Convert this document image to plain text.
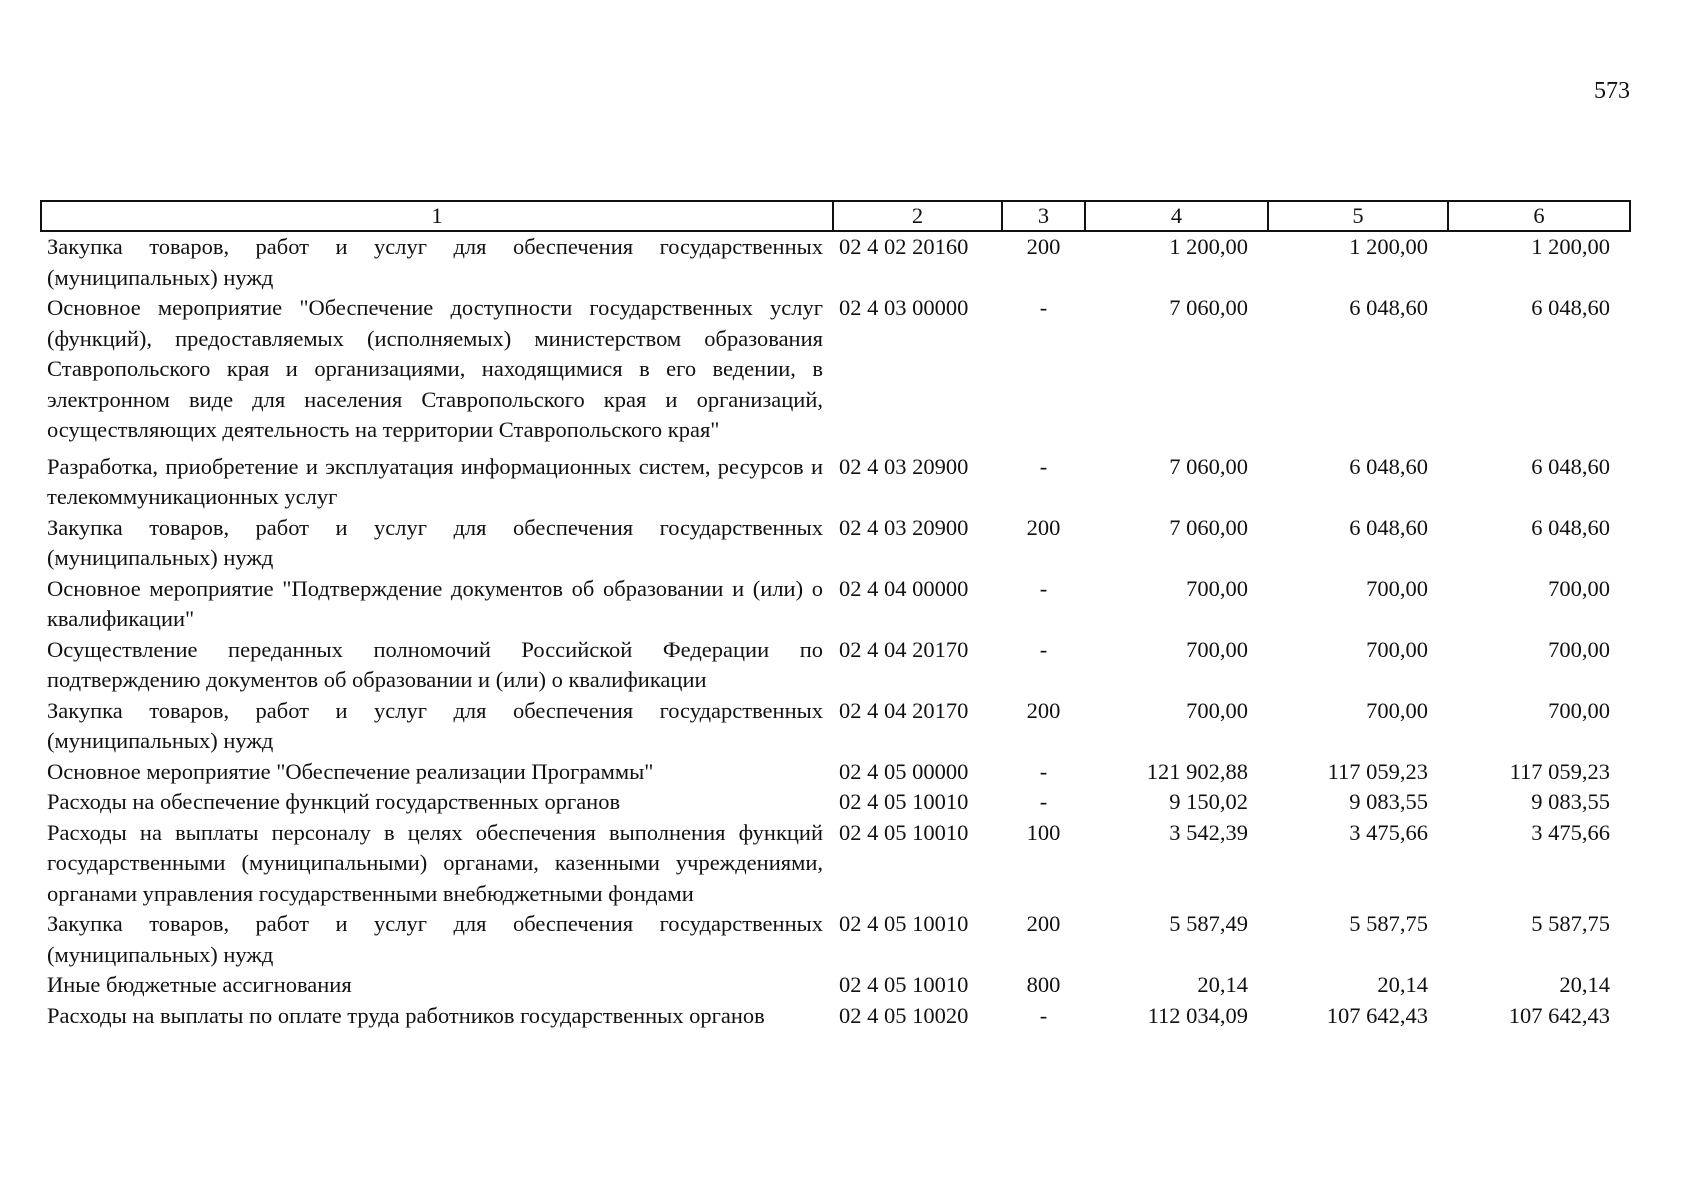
573
1	2	3	4	5	6
Закупка товаров, работ и услуг для обеспечения государственных (муниципальных) нужд	02 4 02 20160	200	1 200,00	1 200,00	1 200,00
Основное мероприятие "Обеспечение доступности государственных услуг (функций), предоставляемых (исполняемых) министерством образования Ставропольского края и организациями, находящимися в его ведении, в электронном виде для населения Ставропольского края и организаций, осуществляющих деятельность на территории Ставропольского края"	02 4 03 00000	-	7 060,00	6 048,60	6 048,60
Разработка, приобретение и эксплуатация информационных систем, ресурсов и телекоммуникационных услуг	02 4 03 20900	-	7 060,00	6 048,60	6 048,60
Закупка товаров, работ и услуг для обеспечения государственных (муниципальных) нужд	02 4 03 20900	200	7 060,00	6 048,60	6 048,60
Основное мероприятие "Подтверждение документов об образовании и (или) о квалификации"	02 4 04 00000	-	700,00	700,00	700,00
Осуществление переданных полномочий Российской Федерации по подтверждению документов об образовании и (или) о квалификации	02 4 04 20170	-	700,00	700,00	700,00
Закупка товаров, работ и услуг для обеспечения государственных (муниципальных) нужд	02 4 04 20170	200	700,00	700,00	700,00
Основное мероприятие "Обеспечение реализации Программы"	02 4 05 00000	-	121 902,88	117 059,23	117 059,23
Расходы на обеспечение функций государственных органов	02 4 05 10010	-	9 150,02	9 083,55	9 083,55
Расходы на выплаты персоналу в целях обеспечения выполнения функций государственными (муниципальными) органами, казенными учреждениями, органами управления государственными внебюджетными фондами	02 4 05 10010	100	3 542,39	3 475,66	3 475,66
Закупка товаров, работ и услуг для обеспечения государственных (муниципальных) нужд	02 4 05 10010	200	5 587,49	5 587,75	5 587,75
Иные бюджетные ассигнования	02 4 05 10010	800	20,14	20,14	20,14
Расходы на выплаты по оплате труда работников государственных органов	02 4 05 10020	-	112 034,09	107 642,43	107 642,43
